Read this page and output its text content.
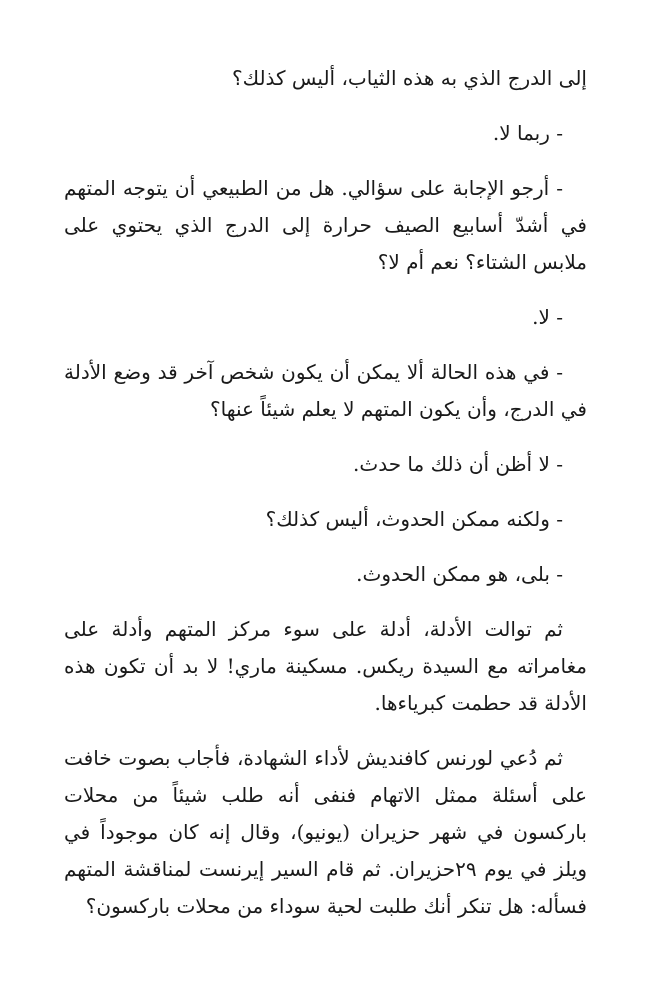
إلى الدرج الذي به هذه الثياب، أليس كذلك؟

- ربما لا.

- أرجو الإجابة على سؤالي. هل من الطبيعي أن يتوجه المتهم في أشدّ أسابيع الصيف حرارة إلى الدرج الذي يحتوي على ملابس الشتاء؟ نعم أم لا؟

- لا.

- في هذه الحالة ألا يمكن أن يكون شخص آخر قد وضع الأدلة في الدرج، وأن يكون المتهم لا يعلم شيئاً عنها؟

- لا أظن أن ذلك ما حدث.

- ولكنه ممكن الحدوث، أليس كذلك؟

- بلى، هو ممكن الحدوث.

ثم توالت الأدلة، أدلة على سوء مركز المتهم وأدلة على مغامراته مع السيدة ريكس. مسكينة ماري! لا بد أن تكون هذه الأدلة قد حطمت كبرياءها.

ثم دُعي لورنس كافنديش لأداء الشهادة، فأجاب بصوت خافت على أسئلة ممثل الاتهام فنفى أنه طلب شيئاً من محلات باركسون في شهر حزيران (يونيو)، وقال إنه كان موجوداً في ويلز في يوم ٢٩حزيران. ثم قام السير إيرنست لمناقشة المتهم فسأله: هل تنكر أنك طلبت لحية سوداء من محلات باركسون؟
